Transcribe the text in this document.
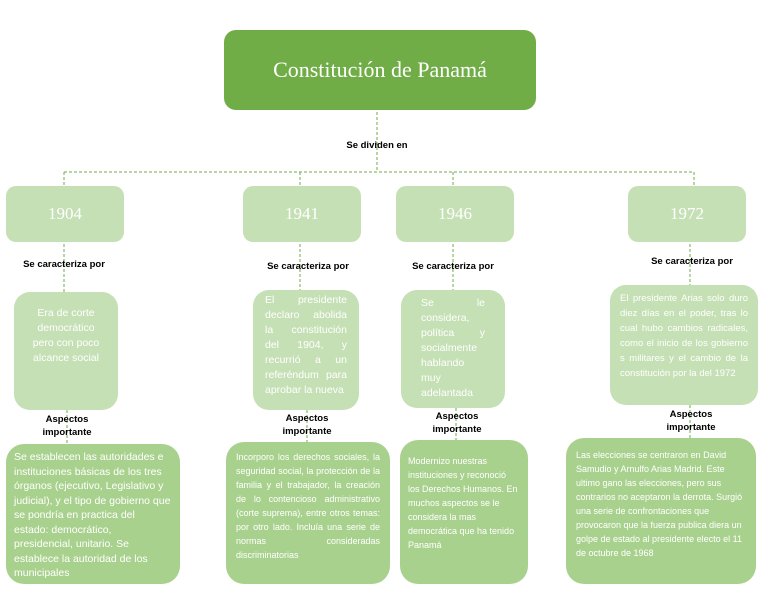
Constitución de Panamá
Se dividen en
1904
Se caracteriza por
Era de corte democrático pero con poco alcance social
Aspectos importante
Se establecen las autoridades e instituciones básicas de los tres órganos (ejecutivo, Legislativo y judicial), y el tipo de gobierno que se pondría en practica del estado: democrático, presidencial, unitario. Se establece la autoridad de los municipales
1941
Se caracteriza por
El presidente declaro abolida la constitución del 1904, y recurrió a un referéndum para aprobar la nueva
Aspectos importante
Incorporo los derechos sociales, la seguridad social, la protección de la familia y el trabajador, la creación de lo contencioso administrativo (corte suprema), entre otros temas: por otro lado. Incluía una serie de normas consideradas discriminatorias
1946
Se caracteriza por
Se le considera, política y socialmente hablando muy adelantada
Aspectos importante
Modernizo nuestras instituciones y reconoció los Derechos Humanos. En muchos aspectos se le considera la mas democrática que ha tenido Panamá
1972
Se caracteriza por
El presidente Arias solo duro diez días en el poder, tras lo cual hubo cambios radicales, como el inicio de los gobierno s militares y el cambio de la constitución por la del 1972
Aspectos importante
Las elecciones se centraron en David Samudio y Arnulfo Arias Madrid. Este ultimo gano las elecciones, pero sus contrarios no aceptaron la derrota. Surgió una serie de confrontaciones que provocaron que la fuerza publica diera un golpe de estado al presidente electo el 11 de octubre de 1968
